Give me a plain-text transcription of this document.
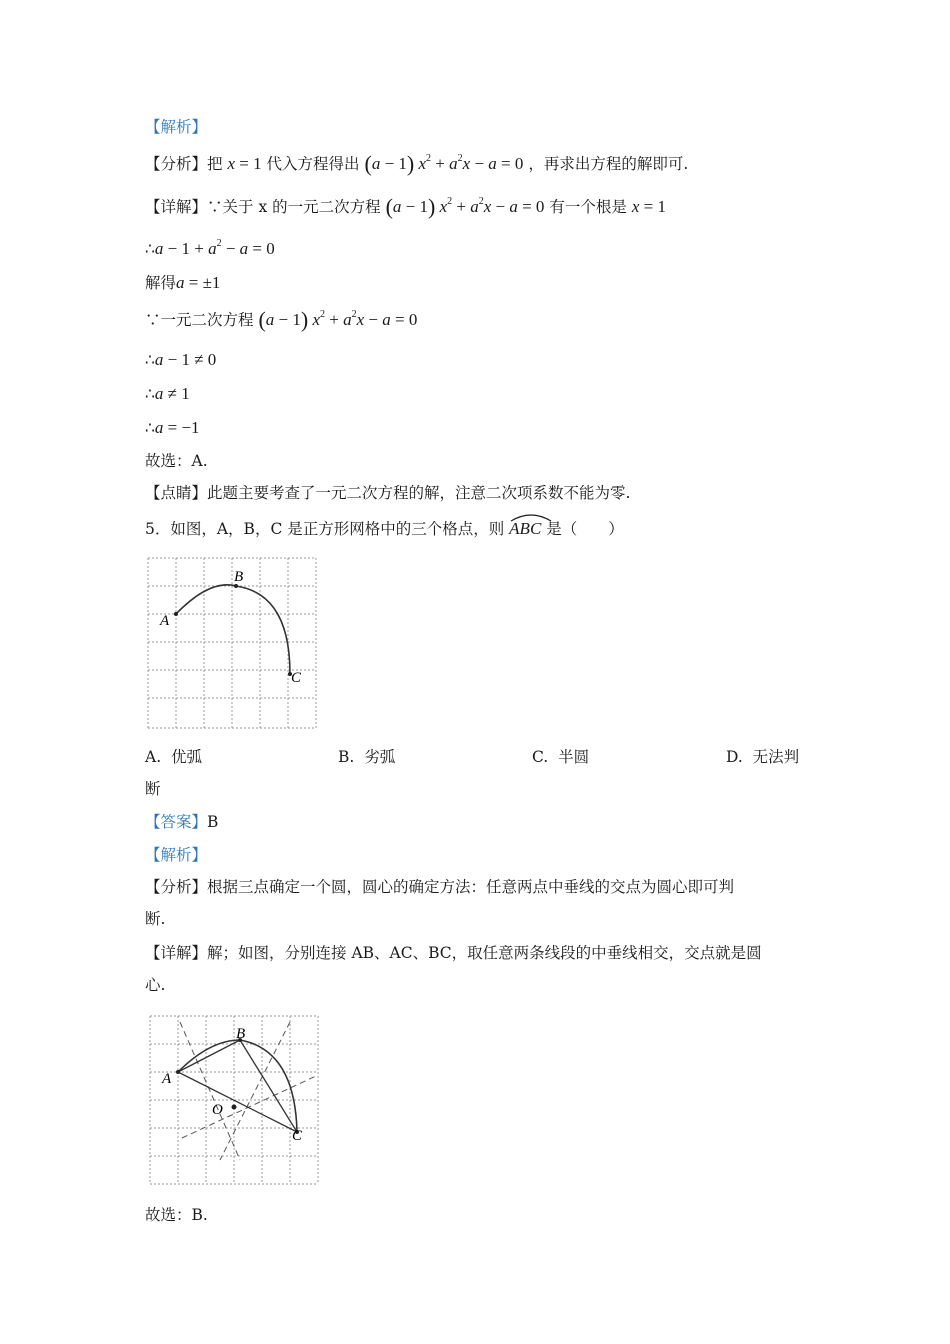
【解析】
【分析】把 x = 1 代入方程得出 (a − 1) $x^2 + a^2x - a = 0$ ，再求出方程的解即可.
【详解】∵关于 x 的一元二次方程 (a − 1) $x^2 + a^2x - a = 0$ 有一个根是 x = 1
∴a − $1 + a^2 - a = 0$
解得a = ±1
∵一元二次方程 (a − 1) $x^2 + a^2x - a = 0$
∴a − 1 ≠ 0
∴a ≠ 1
∴a = −1
故选：A.
【点睛】此题主要考查了一元二次方程的解，注意二次项系数不能为零.
5．如图，A，B，C 是正方形网格中的三个格点，则 ABC 是（　　）
A
B
C
A. 优弧	B. 劣弧	C. 半圆	D. 无法判
断
【答案】B
【解析】
【分析】根据三点确定一个圆，圆心的确定方法：任意两点中垂线的交点为圆心即可判
断.
【详解】解；如图，分别连接 AB、AC、BC，取任意两条线段的中垂线相交，交点就是圆
心.
A
B
C
O
故选：B.
